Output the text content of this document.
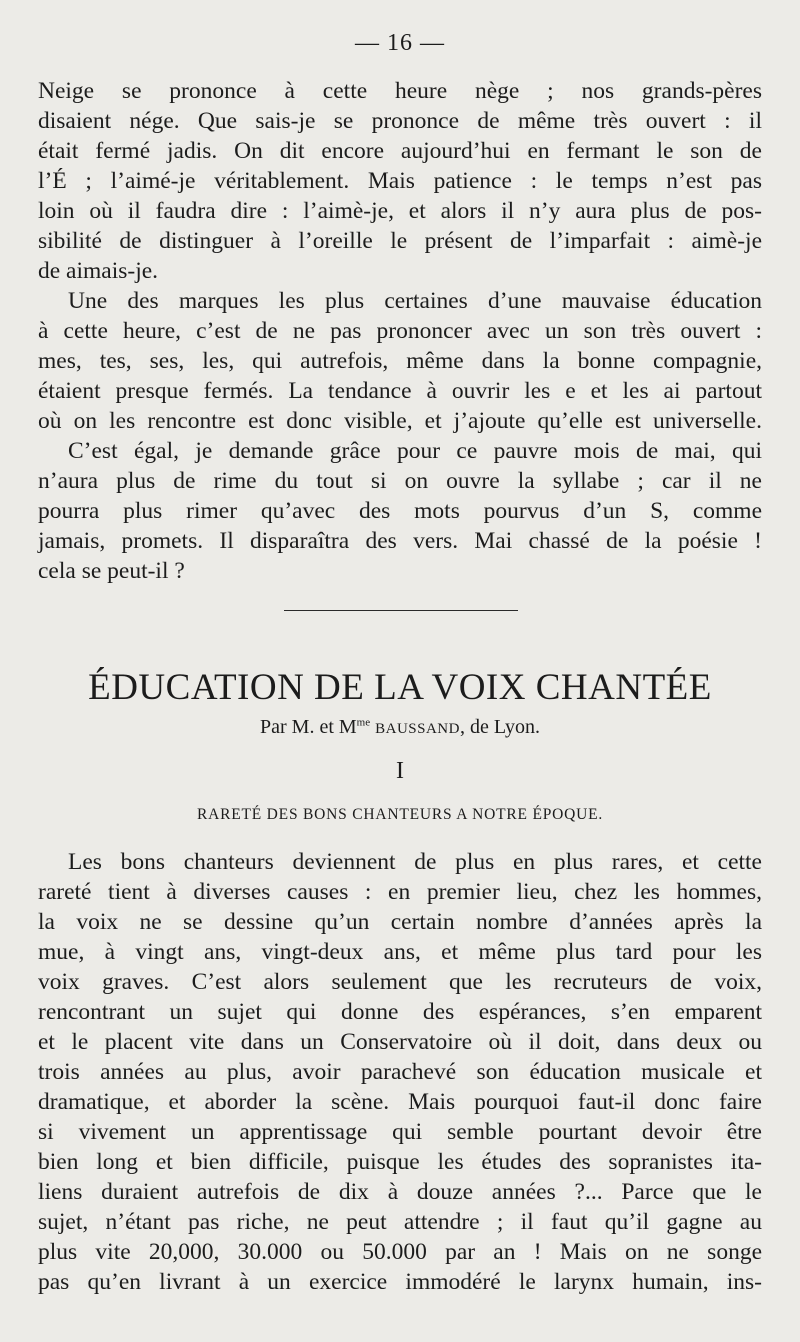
— 16 —
Neige se prononce à cette heure nège ; nos grands-pères
disaient nége. Que sais-je se prononce de même très ouvert : il
était fermé jadis. On dit encore aujourd’hui en fermant le son de
l’É ; l’aimé-je véritablement. Mais patience : le temps n’est pas
loin où il faudra dire : l’aimè-je, et alors il n’y aura plus de pos-
sibilité de distinguer à l’oreille le présent de l’imparfait : aimè-je
de aimais-je.
Une des marques les plus certaines d’une mauvaise éducation
à cette heure, c’est de ne pas prononcer avec un son très ouvert :
mes, tes, ses, les, qui autrefois, même dans la bonne compagnie,
étaient presque fermés. La tendance à ouvrir les e et les ai partout
où on les rencontre est donc visible, et j’ajoute qu’elle est universelle.
C’est égal, je demande grâce pour ce pauvre mois de mai, qui
n’aura plus de rime du tout si on ouvre la syllabe ; car il ne
pourra plus rimer qu’avec des mots pourvus d’un S, comme
jamais, promets. Il disparaîtra des vers. Mai chassé de la poésie !
cela se peut-il ?
ÉDUCATION DE LA VOIX CHANTÉE
Par M. et $M^{me}$ BAUSSAND, de Lyon.
I
RARETÉ DES BONS CHANTEURS A NOTRE ÉPOQUE.
Les bons chanteurs deviennent de plus en plus rares, et cette
rareté tient à diverses causes : en premier lieu, chez les hommes,
la voix ne se dessine qu’un certain nombre d’années après la
mue, à vingt ans, vingt-deux ans, et même plus tard pour les
voix graves. C’est alors seulement que les recruteurs de voix,
rencontrant un sujet qui donne des espérances, s’en emparent
et le placent vite dans un Conservatoire où il doit, dans deux ou
trois années au plus, avoir parachevé son éducation musicale et
dramatique, et aborder la scène. Mais pourquoi faut-il donc faire
si vivement un apprentissage qui semble pourtant devoir être
bien long et bien difficile, puisque les études des sopranistes ita-
liens duraient autrefois de dix à douze années ?... Parce que le
sujet, n’étant pas riche, ne peut attendre ; il faut qu’il gagne au
plus vite 20,000, 30.000 ou 50.000 par an ! Mais on ne songe
pas qu’en livrant à un exercice immodéré le larynx humain, ins-
